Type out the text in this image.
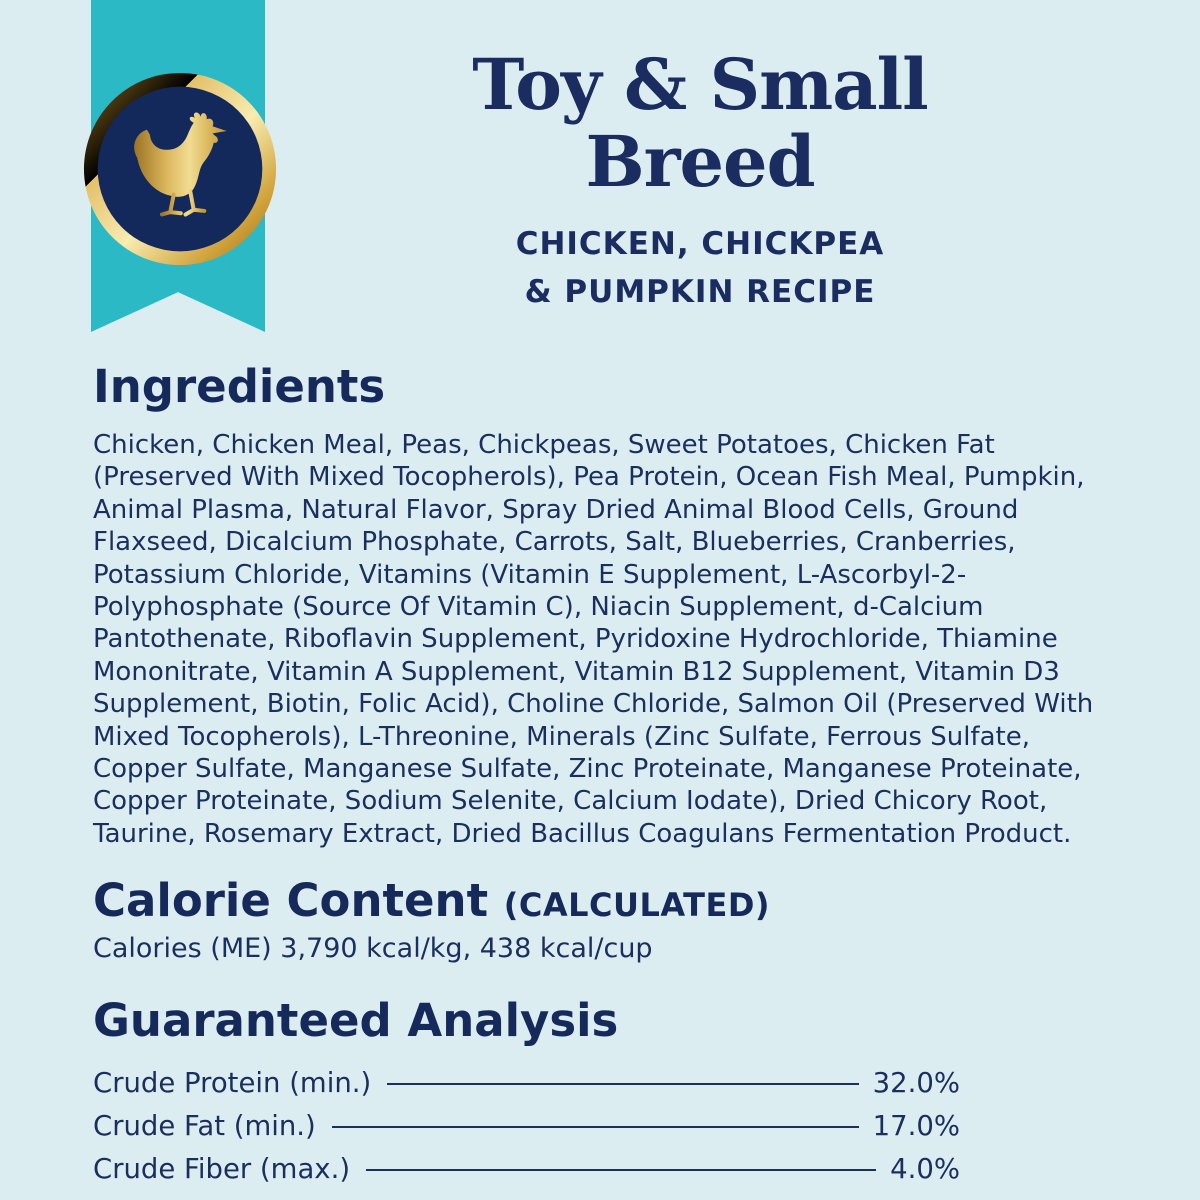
Toy & Small
Breed
CHICKEN, CHICKPEA
& PUMPKIN RECIPE
Ingredients
Chicken, Chicken Meal, Peas, Chickpeas, Sweet Potatoes, Chicken Fat (Preserved With Mixed Tocopherols), Pea Protein, Ocean Fish Meal, Pumpkin, Animal Plasma, Natural Flavor, Spray Dried Animal Blood Cells, Ground Flaxseed, Dicalcium Phosphate, Carrots, Salt, Blueberries, Cranberries, Potassium Chloride, Vitamins (Vitamin E Supplement, L-Ascorbyl-2-Polyphosphate (Source Of Vitamin C), Niacin Supplement, d-Calcium Pantothenate, Riboflavin Supplement, Pyridoxine Hydrochloride, Thiamine Mononitrate, Vitamin A Supplement, Vitamin B12 Supplement, Vitamin D3 Supplement, Biotin, Folic Acid), Choline Chloride, Salmon Oil (Preserved With Mixed Tocopherols), L-Threonine, Minerals (Zinc Sulfate, Ferrous Sulfate, Copper Sulfate, Manganese Sulfate, Zinc Proteinate, Manganese Proteinate, Copper Proteinate, Sodium Selenite, Calcium Iodate), Dried Chicory Root, Taurine, Rosemary Extract, Dried Bacillus Coagulans Fermentation Product.
Calorie Content (CALCULATED)
Calories (ME) 3,790 kcal/kg, 438 kcal/cup
Guaranteed Analysis
Crude Protein (min.)	32.0%
Crude Fat (min.)	17.0%
Crude Fiber (max.)	4.0%
